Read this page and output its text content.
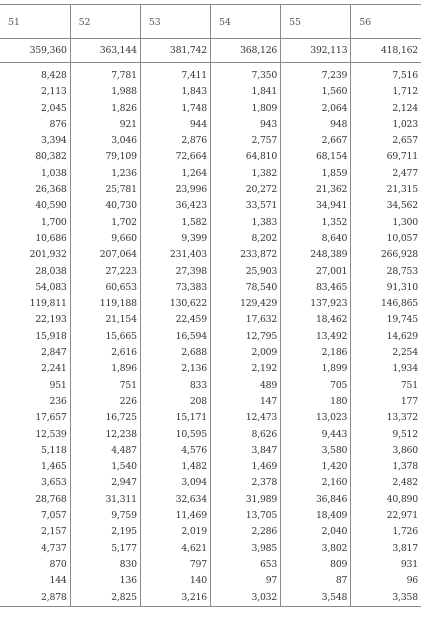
51	52	53	54	55	56
359,360	363,144	381,742	368,126	392,113	418,162

8,428	7,781	7,411	7,350	7,239	7,516
2,113	1,988	1,843	1,841	1,560	1,712
2,045	1,826	1,748	1,809	2,064	2,124
876	921	944	943	948	1,023
3,394	3,046	2,876	2,757	2,667	2,657
80,382	79,109	72,664	64,810	68,154	69,711
1,038	1,236	1,264	1,382	1,859	2,477
26,368	25,781	23,996	20,272	21,362	21,315
40,590	40,730	36,423	33,571	34,941	34,562
1,700	1,702	1,582	1,383	1,352	1,300
10,686	9,660	9,399	8,202	8,640	10,057
201,932	207,064	231,403	233,872	248,389	266,928
28,038	27,223	27,398	25,903	27,001	28,753
54,083	60,653	73,383	78,540	83,465	91,310
119,811	119,188	130,622	129,429	137,923	146,865
22,193	21,154	22,459	17,632	18,462	19,745
15,918	15,665	16,594	12,795	13,492	14,629
2,847	2,616	2,688	2,009	2,186	2,254
2,241	1,896	2,136	2,192	1,899	1,934
951	751	833	489	705	751
236	226	208	147	180	177
17,657	16,725	15,171	12,473	13,023	13,372
12,539	12,238	10,595	8,626	9,443	9,512
5,118	4,487	4,576	3,847	3,580	3,860
1,465	1,540	1,482	1,469	1,420	1,378
3,653	2,947	3,094	2,378	2,160	2,482
28,768	31,311	32,634	31,989	36,846	40,890
7,057	9,759	11,469	13,705	18,409	22,971
2,157	2,195	2,019	2,286	2,040	1,726
4,737	5,177	4,621	3,985	3,802	3,817
870	830	797	653	809	931
144	136	140	97	87	96
2,878	2,825	3,216	3,032	3,548	3,358
